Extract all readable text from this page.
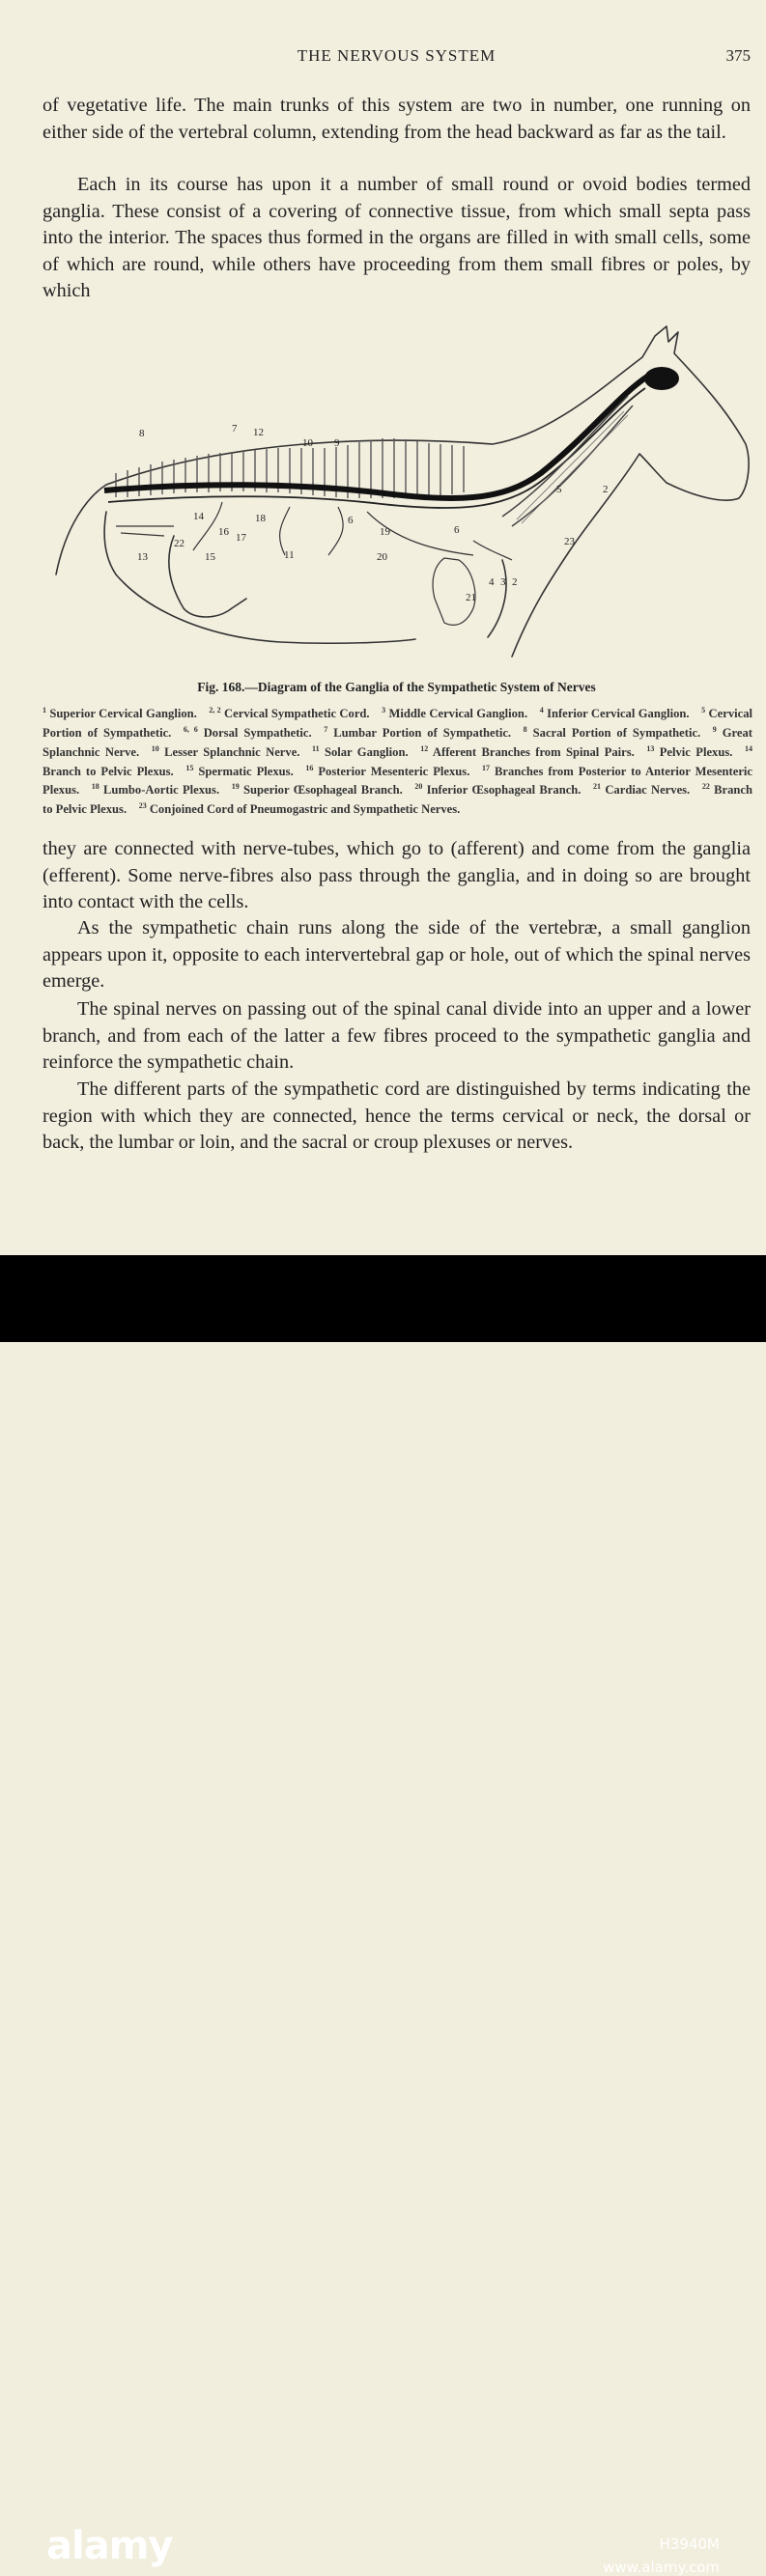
THE NERVOUS SYSTEM	375

of vegetative life. The main trunks of this system are two in number, one running on either side of the vertebral column, extending from the head backward as far as the tail.

Each in its course has upon it a number of small round or ovoid bodies termed ganglia. These consist of a covering of connective tissue, from which small septa pass into the interior. The spaces thus formed in the organs are filled in with small cells, some of which are round, while others have proceeding from them small fibres or poles, by which

8	7 12
10 9
14
16 17
18
11
6
19
20
22
13	15
6
5	2
23
4 3 2
21
Fig. 168.—Diagram of the Ganglia of the Sympathetic System of Nerves
$^1$ Superior Cervical Ganglion.  $^{2, 2}$ Cervical Sympathetic Cord.  $^3$ Middle Cervical Ganglion.  $^4$ Inferior Cervical Ganglion.  $^5$ Cervical Portion of Sympathetic.  $^{6, 6}$ Dorsal Sympathetic.  $^7$ Lumbar Portion of Sympathetic.  $^8$ Sacral Portion of Sympathetic.  $^9$ Great Splanchnic Nerve.  $^{10}$ Lesser Splanchnic Nerve.  $^{11}$ Solar Ganglion.  $^{12}$ Afferent Branches from Spinal Pairs.  $^{13}$ Pelvic Plexus.  $^{14}$ Branch to Pelvic Plexus.  $^{15}$ Spermatic Plexus.  $^{16}$ Posterior Mesenteric Plexus.  $^{17}$ Branches from Posterior to Anterior Mesenteric Plexus.  $^{18}$ Lumbo-Aortic Plexus.  $^{19}$ Superior Œsophageal Branch.  $^{20}$ Inferior Œsophageal Branch.  $^{21}$ Cardiac Nerves.  $^{22}$ Branch to Pelvic Plexus.  $^{23}$ Conjoined Cord of Pneumogastric and Sympathetic Nerves. 

they are connected with nerve-tubes, which go to (afferent) and come from the ganglia (efferent). Some nerve-fibres also pass through the ganglia, and in doing so are brought into contact with the cells.

As the sympathetic chain runs along the side of the vertebræ, a small ganglion appears upon it, opposite to each intervertebral gap or hole, out of which the spinal nerves emerge.

The spinal nerves on passing out of the spinal canal divide into an upper and a lower branch, and from each of the latter a few fibres proceed to the sympathetic ganglia and reinforce the sympathetic chain.

The different parts of the sympathetic cord are distinguished by terms indicating the region with which they are connected, hence the terms cervical or neck, the dorsal or back, the lumbar or loin, and the sacral or croup plexuses or nerves.

alamy	H3940M
www.alamy.com
